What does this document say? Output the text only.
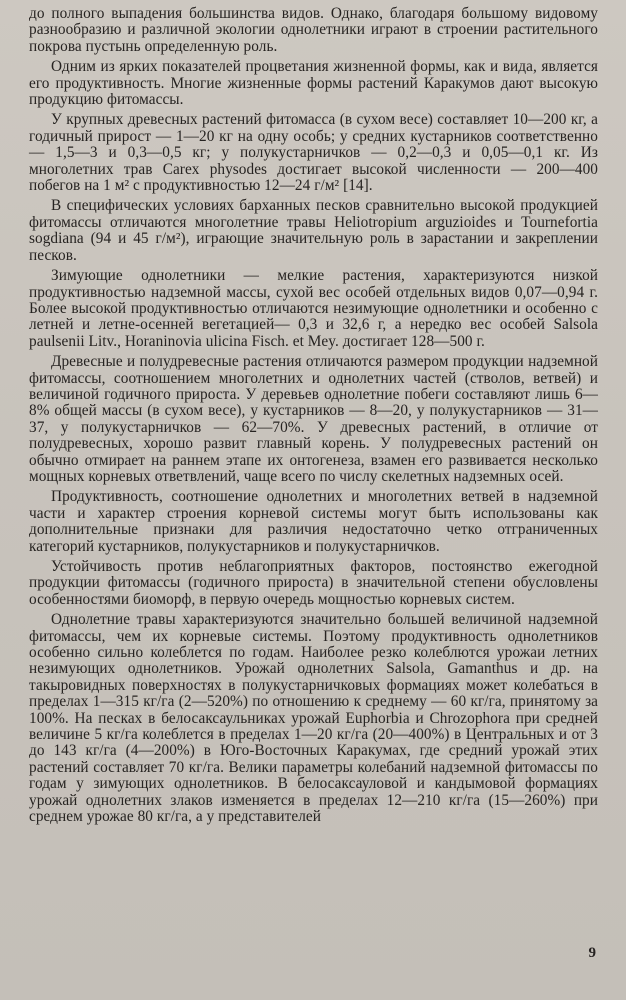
до полного выпадения большинства видов. Однако, благодаря большому видовому разнообразию и различной экологии однолетники играют в строении растительного покрова пустынь определенную роль.

Одним из ярких показателей процветания жизненной формы, как и вида, является его продуктивность. Многие жизненные формы растений Каракумов дают высокую продукцию фитомассы.

У крупных древесных растений фитомасса (в сухом весе) составляет 10—200 кг, а годичный прирост — 1—20 кг на одну особь; у средних кустарников соответственно — 1,5—3 и 0,3—0,5 кг; у полукустарничков — 0,2—0,3 и 0,05—0,1 кг. Из многолетних трав Carex physodes достигает высокой численности — 200—400 побегов на 1 м² с продуктивностью 12—24 г/м² [14].

В специфических условиях барханных песков сравнительно высокой продукцией фитомассы отличаются многолетние травы Heliotropium arguzioides и Tournefortia sogdiana (94 и 45 г/м²), играющие значительную роль в зарастании и закреплении песков.

Зимующие однолетники — мелкие растения, характеризуются низкой продуктивностью надземной массы, сухой вес особей отдельных видов 0,07—0,94 г. Более высокой продуктивностью отличаются незимующие однолетники и особенно с летней и летне-осенней вегетацией— 0,3 и 32,6 г, а нередко вес особей Salsola paulsenii Litv., Horaninovia ulicina Fisch. et Mey. достигает 128—500 г.

Древесные и полудревесные растения отличаются размером продукции надземной фитомассы, соотношением многолетних и однолетних частей (стволов, ветвей) и величиной годичного прироста. У деревьев однолетние побеги составляют лишь 6—8% общей массы (в сухом весе), у кустарников — 8—20, у полукустарников — 31—37, у полукустарничков — 62—70%. У древесных растений, в отличие от полудревесных, хорошо развит главный корень. У полудревесных растений он обычно отмирает на раннем этапе их онтогенеза, взамен его развивается несколько мощных корневых ответвлений, чаще всего по числу скелетных надземных осей.

Продуктивность, соотношение однолетних и многолетних ветвей в надземной части и характер строения корневой системы могут быть использованы как дополнительные признаки для различия недостаточно четко отграниченных категорий кустарников, полукустарников и полукустарничков.

Устойчивость против неблагоприятных факторов, постоянство ежегодной продукции фитомассы (годичного прироста) в значительной степени обусловлены особенностями биоморф, в первую очередь мощностью корневых систем.

Однолетние травы характеризуются значительно большей величиной надземной фитомассы, чем их корневые системы. Поэтому продуктивность однолетников особенно сильно колеблется по годам. Наиболее резко колеблются урожаи летних незимующих однолетников. Урожай однолетних Salsola, Gamanthus и др. на такыровидных поверхностях в полукустарничковых формациях может колебаться в пределах 1—315 кг/га (2—520%) по отношению к среднему — 60 кг/га, принятому за 100%. На песках в белосаксаульниках урожай Euphorbia и Chrozophora при средней величине 5 кг/га колеблется в пределах 1—20 кг/га (20—400%) в Центральных и от 3 до 143 кг/га (4—200%) в Юго-Восточных Каракумах, где средний урожай этих растений составляет 70 кг/га. Велики параметры колебаний надземной фитомассы по годам у зимующих однолетников. В белосаксауловой и кандымовой формациях урожай однолетних злаков изменяется в пределах 12—210 кг/га (15—260%) при среднем урожае 80 кг/га, а у представителей

9
